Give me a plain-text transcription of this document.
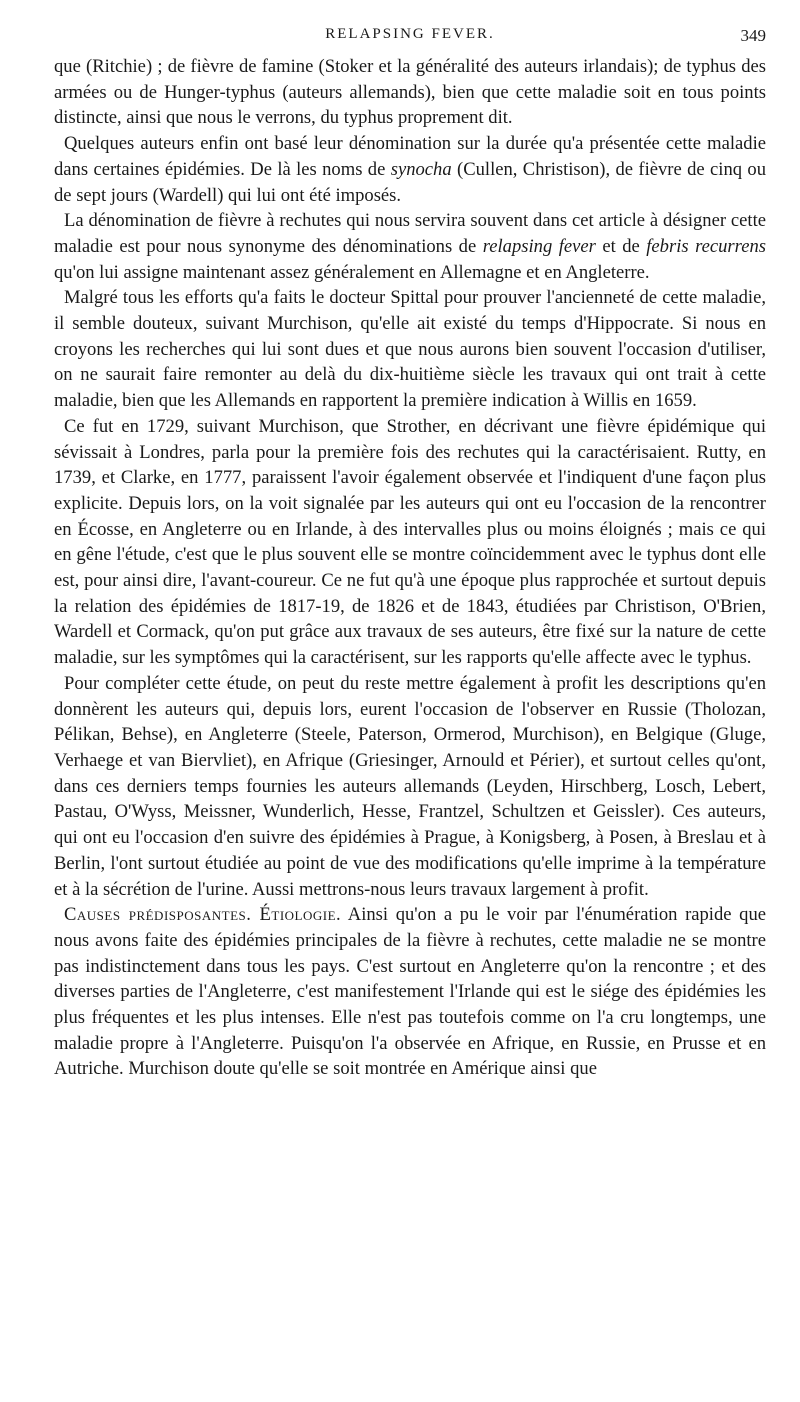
RELAPSING FEVER.	349

que (Ritchie) ; de fièvre de famine (Stoker et la généralité des auteurs irlandais); de typhus des armées ou de Hunger-typhus (auteurs allemands), bien que cette maladie soit en tous points distincte, ainsi que nous le verrons, du typhus proprement dit.

Quelques auteurs enfin ont basé leur dénomination sur la durée qu'a présentée cette maladie dans certaines épidémies. De là les noms de synocha (Cullen, Christison), de fièvre de cinq ou de sept jours (Wardell) qui lui ont été imposés.

La dénomination de fièvre à rechutes qui nous servira souvent dans cet article à désigner cette maladie est pour nous synonyme des dénominations de relapsing fever et de febris recurrens qu'on lui assigne maintenant assez généralement en Allemagne et en Angleterre.

Malgré tous les efforts qu'a faits le docteur Spittal pour prouver l'ancienneté de cette maladie, il semble douteux, suivant Murchison, qu'elle ait existé du temps d'Hippocrate. Si nous en croyons les recherches qui lui sont dues et que nous aurons bien souvent l'occasion d'utiliser, on ne saurait faire remonter au delà du dix-huitième siècle les travaux qui ont trait à cette maladie, bien que les Allemands en rapportent la première indication à Willis en 1659.

Ce fut en 1729, suivant Murchison, que Strother, en décrivant une fièvre épidémique qui sévissait à Londres, parla pour la première fois des rechutes qui la caractérisaient. Rutty, en 1739, et Clarke, en 1777, paraissent l'avoir également observée et l'indiquent d'une façon plus explicite. Depuis lors, on la voit signalée par les auteurs qui ont eu l'occasion de la rencontrer en Écosse, en Angleterre ou en Irlande, à des intervalles plus ou moins éloignés ; mais ce qui en gêne l'étude, c'est que le plus souvent elle se montre coïncidemment avec le typhus dont elle est, pour ainsi dire, l'avant-coureur. Ce ne fut qu'à une époque plus rapprochée et surtout depuis la relation des épidémies de 1817-19, de 1826 et de 1843, étudiées par Christison, O'Brien, Wardell et Cormack, qu'on put grâce aux travaux de ses auteurs, être fixé sur la nature de cette maladie, sur les symptômes qui la caractérisent, sur les rapports qu'elle affecte avec le typhus.

Pour compléter cette étude, on peut du reste mettre également à profit les descriptions qu'en donnèrent les auteurs qui, depuis lors, eurent l'occasion de l'observer en Russie (Tholozan, Pélikan, Behse), en Angleterre (Steele, Paterson, Ormerod, Murchison), en Belgique (Gluge, Verhaege et van Biervliet), en Afrique (Griesinger, Arnould et Périer), et surtout celles qu'ont, dans ces derniers temps fournies les auteurs allemands (Leyden, Hirschberg, Losch, Lebert, Pastau, O'Wyss, Meissner, Wunderlich, Hesse, Frantzel, Schultzen et Geissler). Ces auteurs, qui ont eu l'occasion d'en suivre des épidémies à Prague, à Konigsberg, à Posen, à Breslau et à Berlin, l'ont surtout étudiée au point de vue des modifications qu'elle imprime à la température et à la sécrétion de l'urine. Aussi mettrons-nous leurs travaux largement à profit.

Causes prédisposantes. Étiologie. Ainsi qu'on a pu le voir par l'énumération rapide que nous avons faite des épidémies principales de la fièvre à rechutes, cette maladie ne se montre pas indistinctement dans tous les pays. C'est surtout en Angleterre qu'on la rencontre ; et des diverses parties de l'Angleterre, c'est manifestement l'Irlande qui est le siége des épidémies les plus fréquentes et les plus intenses. Elle n'est pas toutefois comme on l'a cru longtemps, une maladie propre à l'Angleterre. Puisqu'on l'a observée en Afrique, en Russie, en Prusse et en Autriche. Murchison doute qu'elle se soit montrée en Amérique ainsi que
